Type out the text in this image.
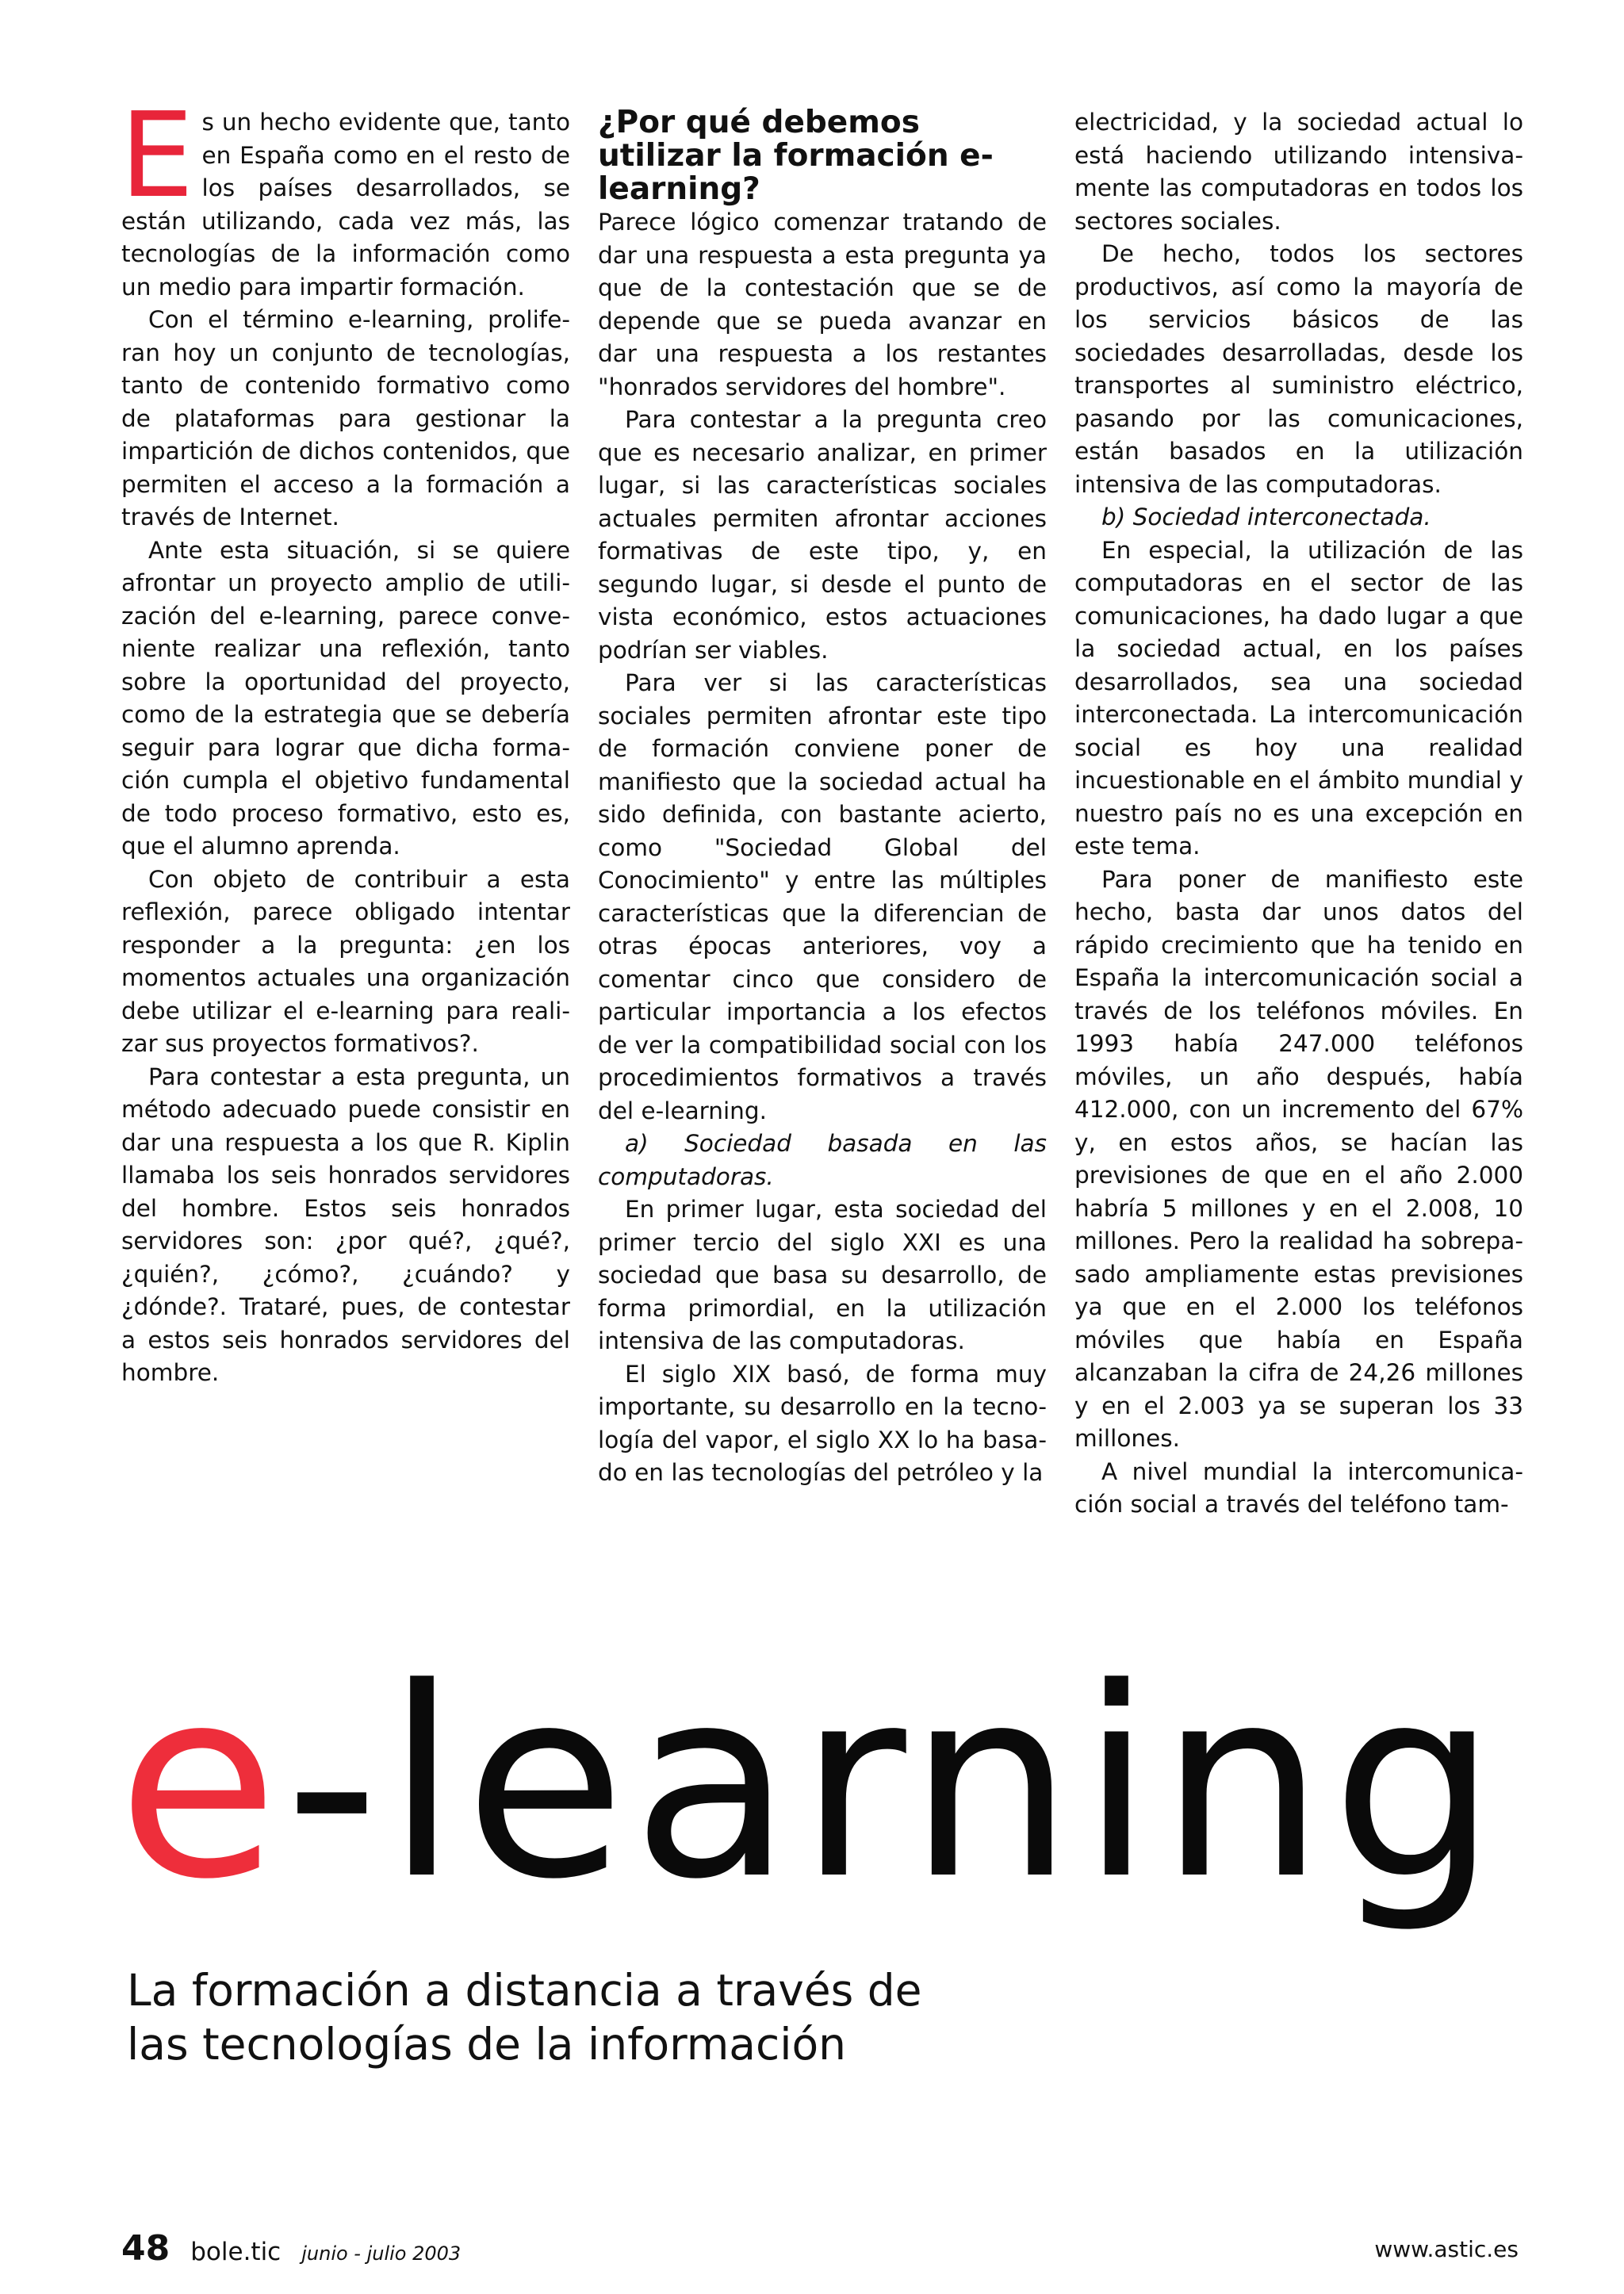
Es un hecho evidente que, tanto en España como en el resto de los países desarrollados, se están utilizando, cada vez más, las tecnologías de la información como un medio para impartir formación.

Con el término e-learning, proliferan hoy un conjunto de tecnologías, tanto de contenido formativo como de plataformas para gestionar la impartición de dichos contenidos, que permiten el acceso a la formación a través de Internet.

Ante esta situación, si se quiere afrontar un proyecto amplio de utilización del e-learning, parece conveniente realizar una reflexión, tanto sobre la oportunidad del proyecto, como de la estrategia que se debería seguir para lograr que dicha formación cumpla el objetivo fundamental de todo proceso formativo, esto es, que el alumno aprenda.

Con objeto de contribuir a esta reflexión, parece obligado intentar responder a la pregunta: ¿en los momentos actuales una organización debe utilizar el e-learning para realizar sus proyectos formativos?.

Para contestar a esta pregunta, un método adecuado puede consistir en dar una respuesta a los que R. Kiplin llamaba los seis honrados servidores del hombre. Estos seis honrados servidores son: ¿por qué?, ¿qué?, ¿quién?, ¿cómo?, ¿cuándo? y ¿dónde?. Trataré, pues, de contestar a estos seis honrados servidores del hombre.

¿Por qué debemos utilizar la formación e-learning?

Parece lógico comenzar tratando de dar una respuesta a esta pregunta ya que de la contestación que se de depende que se pueda avanzar en dar una respuesta a los restantes "honrados servidores del hombre".

Para contestar a la pregunta creo que es necesario analizar, en primer lugar, si las características sociales actuales permiten afrontar acciones formativas de este tipo, y, en segundo lugar, si desde el punto de vista económico, estos actuaciones podrían ser viables.

Para ver si las características sociales permiten afrontar este tipo de formación conviene poner de manifiesto que la sociedad actual ha sido definida, con bastante acierto, como "Sociedad Global del Conocimiento" y entre las múltiples características que la diferencian de otras épocas anteriores, voy a comentar cinco que considero de particular importancia a los efectos de ver la compatibilidad social con los procedimientos formativos a través del e-learning.

a) Sociedad basada en las computadoras.

En primer lugar, esta sociedad del primer tercio del siglo XXI es una sociedad que basa su desarrollo, de forma primordial, en la utilización intensiva de las computadoras.

El siglo XIX basó, de forma muy importante, su desarrollo en la tecnología del vapor, el siglo XX lo ha basado en las tecnologías del petróleo y la

electricidad, y la sociedad actual lo está haciendo utilizando intensivamente las computadoras en todos los sectores sociales.

De hecho, todos los sectores productivos, así como la mayoría de los servicios básicos de las sociedades desarrolladas, desde los transportes al suministro eléctrico, pasando por las comunicaciones, están basados en la utilización intensiva de las computadoras.

b) Sociedad interconectada.

En especial, la utilización de las computadoras en el sector de las comunicaciones, ha dado lugar a que la sociedad actual, en los países desarrollados, sea una sociedad interconectada. La intercomunicación social es hoy una realidad incuestionable en el ámbito mundial y nuestro país no es una excepción en este tema.

Para poner de manifiesto este hecho, basta dar unos datos del rápido crecimiento que ha tenido en España la intercomunicación social a través de los teléfonos móviles. En 1993 había 247.000 teléfonos móviles, un año después, había 412.000, con un incremento del 67% y, en estos años, se hacían las previsiones de que en el año 2.000 habría 5 millones y en el 2.008, 10 millones. Pero la realidad ha sobrepasado ampliamente estas previsiones ya que en el 2.000 los teléfonos móviles que había en España alcanzaban la cifra de 24,26 millones y en el 2.003 ya se superan los 33 millones.

A nivel mundial la intercomunicación social a través del teléfono tam-

e-learning
La formación a distancia a través de
las tecnologías de la información
48 bole.tic junio - julio 2003	www.astic.es
